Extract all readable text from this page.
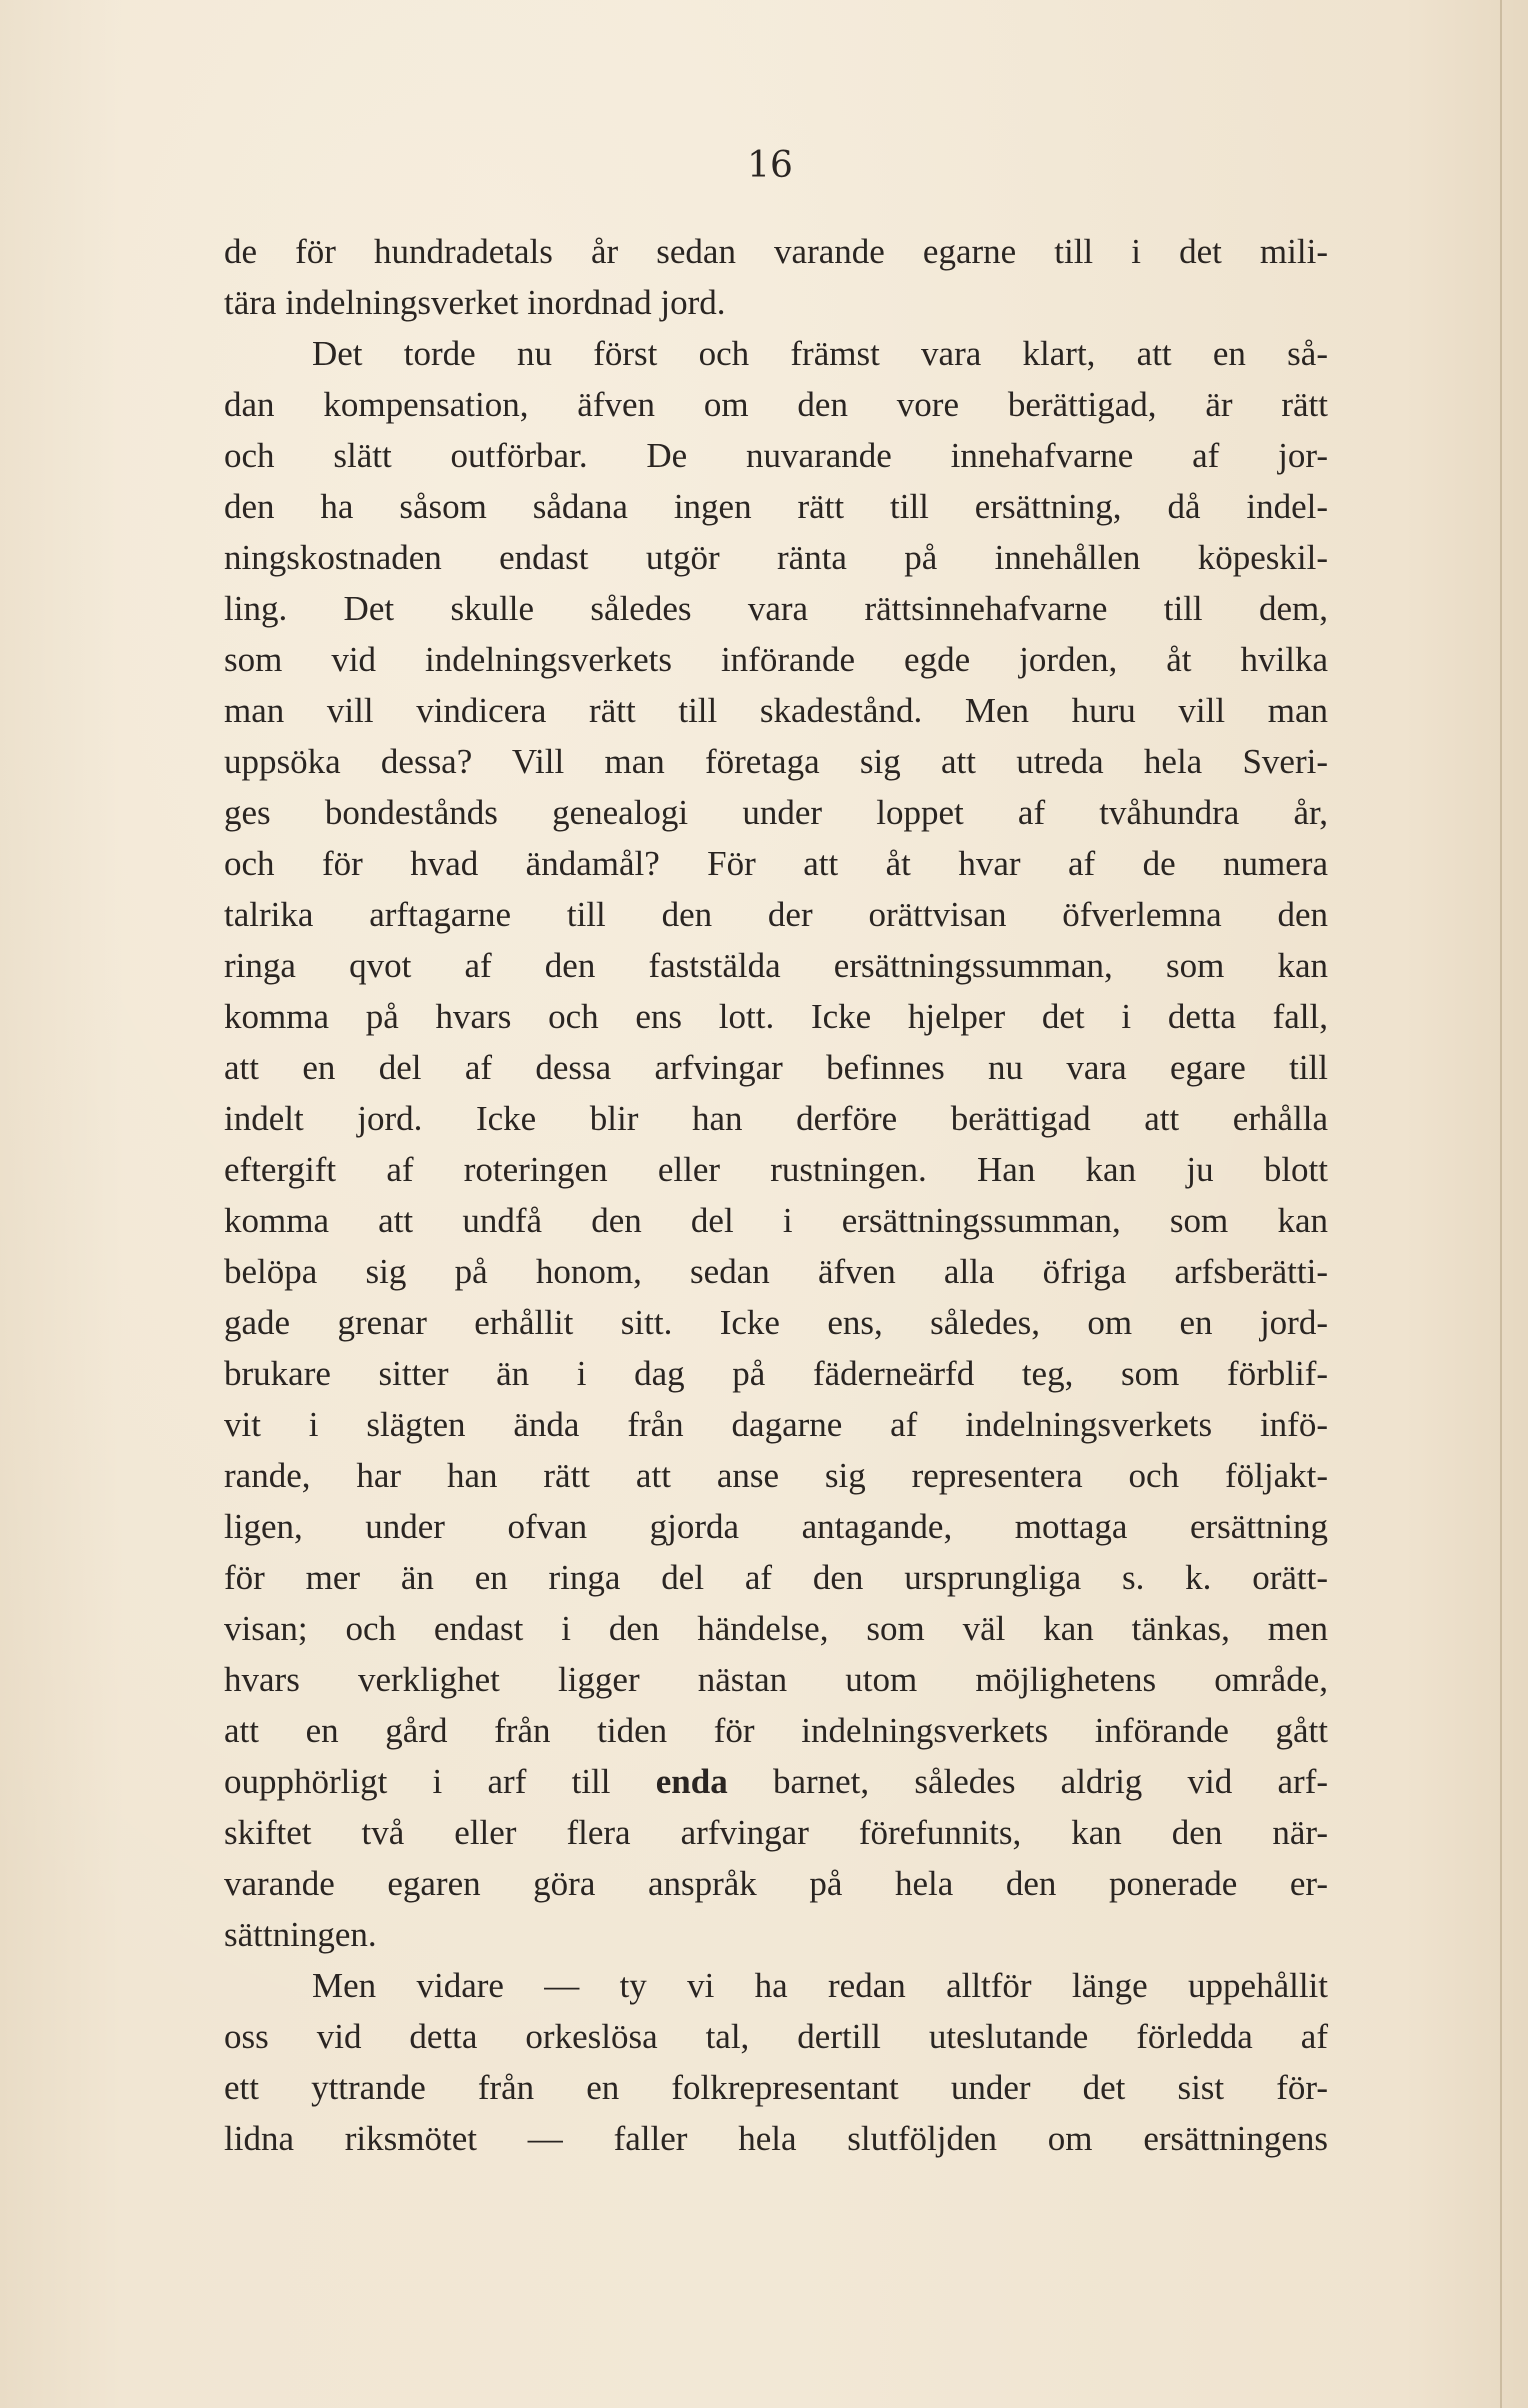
16
de för hundradetals år sedan varande egarne till i det mili-
tära indelningsverket inordnad jord.
Det torde nu först och främst vara klart, att en så-
dan kompensation, äfven om den vore berättigad, är rätt
och slätt outförbar. De nuvarande innehafvarne af jor-
den ha såsom sådana ingen rätt till ersättning, då indel-
ningskostnaden endast utgör ränta på innehållen köpeskil-
ling. Det skulle således vara rättsinnehafvarne till dem,
som vid indelningsverkets införande egde jorden, åt hvilka
man vill vindicera rätt till skadestånd. Men huru vill man
uppsöka dessa? Vill man företaga sig att utreda hela Sveri-
ges bondestånds genealogi under loppet af tvåhundra år,
och för hvad ändamål? För att åt hvar af de numera
talrika arftagarne till den der orättvisan öfverlemna den
ringa qvot af den faststälda ersättningssumman, som kan
komma på hvars och ens lott. Icke hjelper det i detta fall,
att en del af dessa arfvingar befinnes nu vara egare till
indelt jord. Icke blir han derföre berättigad att erhålla
eftergift af roteringen eller rustningen. Han kan ju blott
komma att undfå den del i ersättningssumman, som kan
belöpa sig på honom, sedan äfven alla öfriga arfsberätti-
gade grenar erhållit sitt. Icke ens, således, om en jord-
brukare sitter än i dag på fäderneärfd teg, som förblif-
vit i slägten ända från dagarne af indelningsverkets infö-
rande, har han rätt att anse sig representera och följakt-
ligen, under ofvan gjorda antagande, mottaga ersättning
för mer än en ringa del af den ursprungliga s. k. orätt-
visan; och endast i den händelse, som väl kan tänkas, men
hvars verklighet ligger nästan utom möjlighetens område,
att en gård från tiden för indelningsverkets införande gått
oupphörligt i arf till enda barnet, således aldrig vid arf-
skiftet två eller flera arfvingar förefunnits, kan den när-
varande egaren göra anspråk på hela den ponerade er-
sättningen.
Men vidare — ty vi ha redan alltför länge uppehållit
oss vid detta orkeslösa tal, dertill uteslutande förledda af
ett yttrande från en folkrepresentant under det sist för-
lidna riksmötet — faller hela slutföljden om ersättningens
